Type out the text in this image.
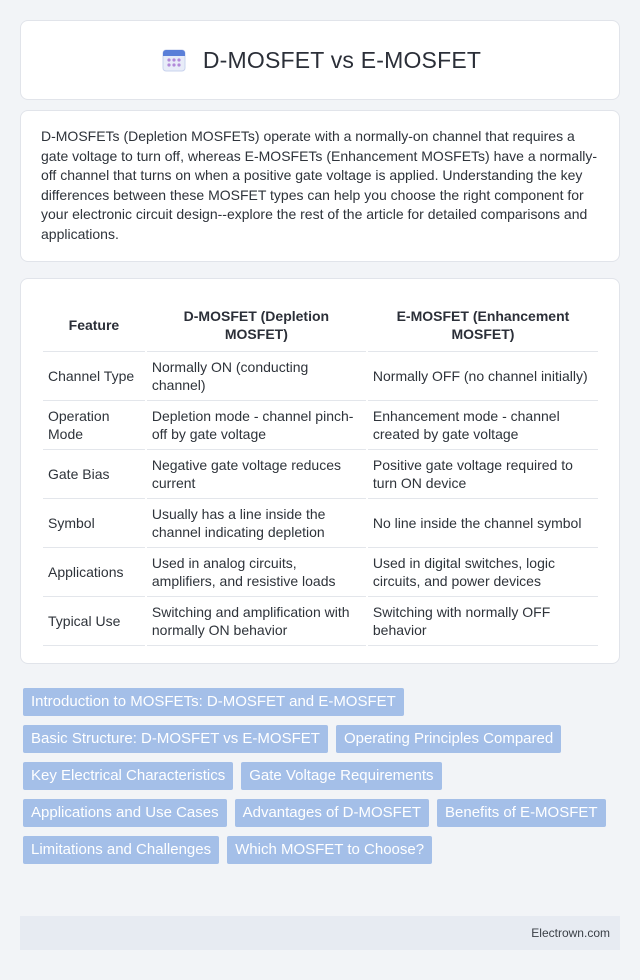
D-MOSFET vs E-MOSFET

D-MOSFETs (Depletion MOSFETs) operate with a normally-on channel that requires a gate voltage to turn off, whereas E-MOSFETs (Enhancement MOSFETs) have a normally-off channel that turns on when a positive gate voltage is applied. Understanding the key differences between these MOSFET types can help you choose the right component for your electronic circuit design--explore the rest of the article for detailed comparisons and applications.

Feature	D-MOSFET (Depletion MOSFET)	E-MOSFET (Enhancement MOSFET)
Channel Type	Normally ON (conducting channel)	Normally OFF (no channel initially)
Operation Mode	Depletion mode - channel pinch-off by gate voltage	Enhancement mode - channel created by gate voltage
Gate Bias	Negative gate voltage reduces current	Positive gate voltage required to turn ON device
Symbol	Usually has a line inside the channel indicating depletion	No line inside the channel symbol
Applications	Used in analog circuits, amplifiers, and resistive loads	Used in digital switches, logic circuits, and power devices
Typical Use	Switching and amplification with normally ON behavior	Switching with normally OFF behavior
Introduction to MOSFETs: D-MOSFET and E-MOSFET
Basic Structure: D-MOSFET vs E-MOSFET	Operating Principles Compared
Key Electrical Characteristics	Gate Voltage Requirements
Applications and Use Cases	Advantages of D-MOSFET	Benefits of E-MOSFET
Limitations and Challenges	Which MOSFET to Choose?
Electrown.com
